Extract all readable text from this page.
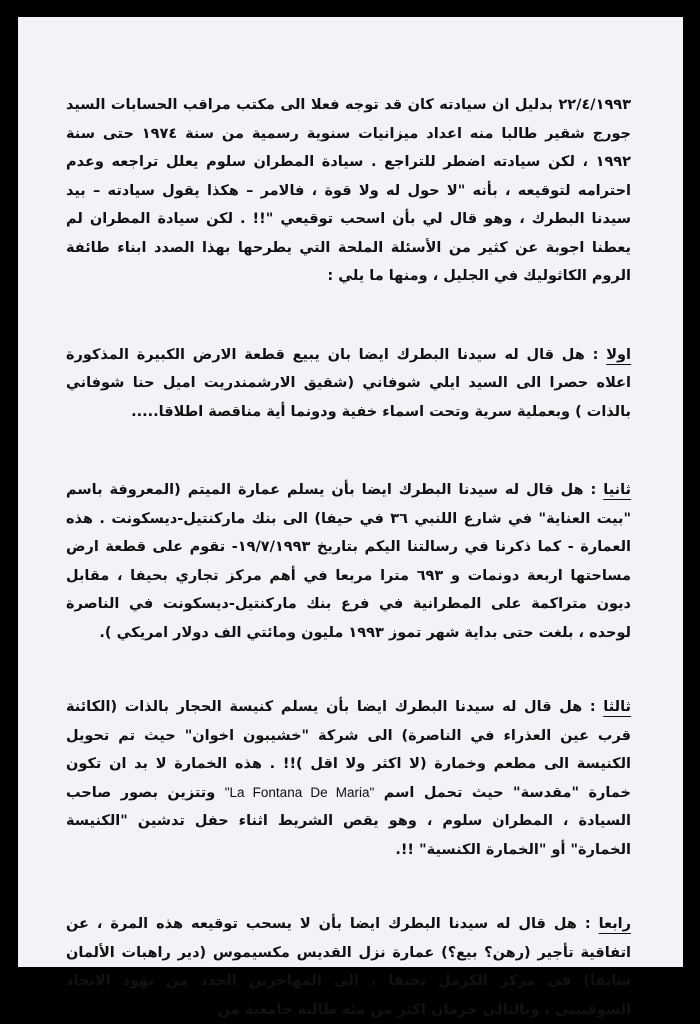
٢٢/٤/١٩٩٣ بدليل ان سيادته كان قد توجه فعلا الى مكتب مراقب الحسابات السيد جورج شقير طالبا منه اعداد ميزانيات سنوية رسمية من سنة ١٩٧٤ حتى سنة ١٩٩٢ ، لكن سيادته اضطر للتراجع . سيادة المطران سلوم يعلل تراجعه وعدم احترامه لتوقيعه ، بأنه "لا حول له ولا قوة ، فالامر – هكذا يقول سيادته – بيد سيدنا البطرك ، وهو قال لي بأن اسحب توقيعي "!! . لكن سيادة المطران لم يعطنا اجوبة عن كثير من الأسئلة الملحة التي يطرحها بهذا الصدد ابناء طائفة الروم الكاثوليك في الجليل ، ومنها ما يلي :

اولا : هل قال له سيدنا البطرك ايضا بان يبيع قطعة الارض الكبيرة المذكورة اعلاه حصرا الى السيد ايلي شوفاني (شقيق الارشمندريت اميل حنا شوفاني بالذات ) وبعملية سرية وتحت اسماء خفية ودونما أية مناقصة اطلاقا.....

ثانيا : هل قال له سيدنا البطرك ايضا بأن يسلم عمارة الميتم (المعروفة باسم "بيت العناية" في شارع اللنبي ٣٦ في حيفا) الى بنك ماركنتيل-ديسكونت . هذه العمارة - كما ذكرنا في رسالتنا اليكم بتاريخ ١٩/٧/١٩٩٣- تقوم على قطعة ارض مساحتها اربعة دونمات و ٦٩٣ مترا مربعا في أهم مركز تجاري بحيفا ، مقابل ديون متراكمة على المطرانية في فرع بنك ماركنتيل-ديسكونت في الناصرة لوحده ، بلغت حتى بداية شهر تموز ١٩٩٣ مليون ومائتي الف دولار امريكي ).

ثالثا : هل قال له سيدنا البطرك ايضا بأن يسلم كنيسة الحجار بالذات (الكائنة قرب عين العذراء في الناصرة) الى شركة "خشيبون اخوان" حيث تم تحويل الكنيسة الى مطعم وخمارة (لا اكثر ولا اقل )!! . هذه الخمارة لا بد ان تكون خمارة "مقدسة" حيث تحمل اسم "La Fontana De Maria" وتتزين بصور صاحب السيادة ، المطران سلوم ، وهو يقص الشريط اثناء حفل تدشين "الكنيسة الخمارة" أو "الخمارة الكنسية" !!.

رابعا : هل قال له سيدنا البطرك ايضا بأن لا يسحب توقيعه هذه المرة ، عن اتفاقية تأجير (رهن؟ بيع؟) عمارة نزل القديس مكسيموس (دير راهبات الألمان سابقا) في مركز الكرمل بحيفا ، الى المهاجرين الجدد من يهود الاتحاد السوفييتي ، وبالتالي حرمان اكثر من مئة طالبة جامعية من
